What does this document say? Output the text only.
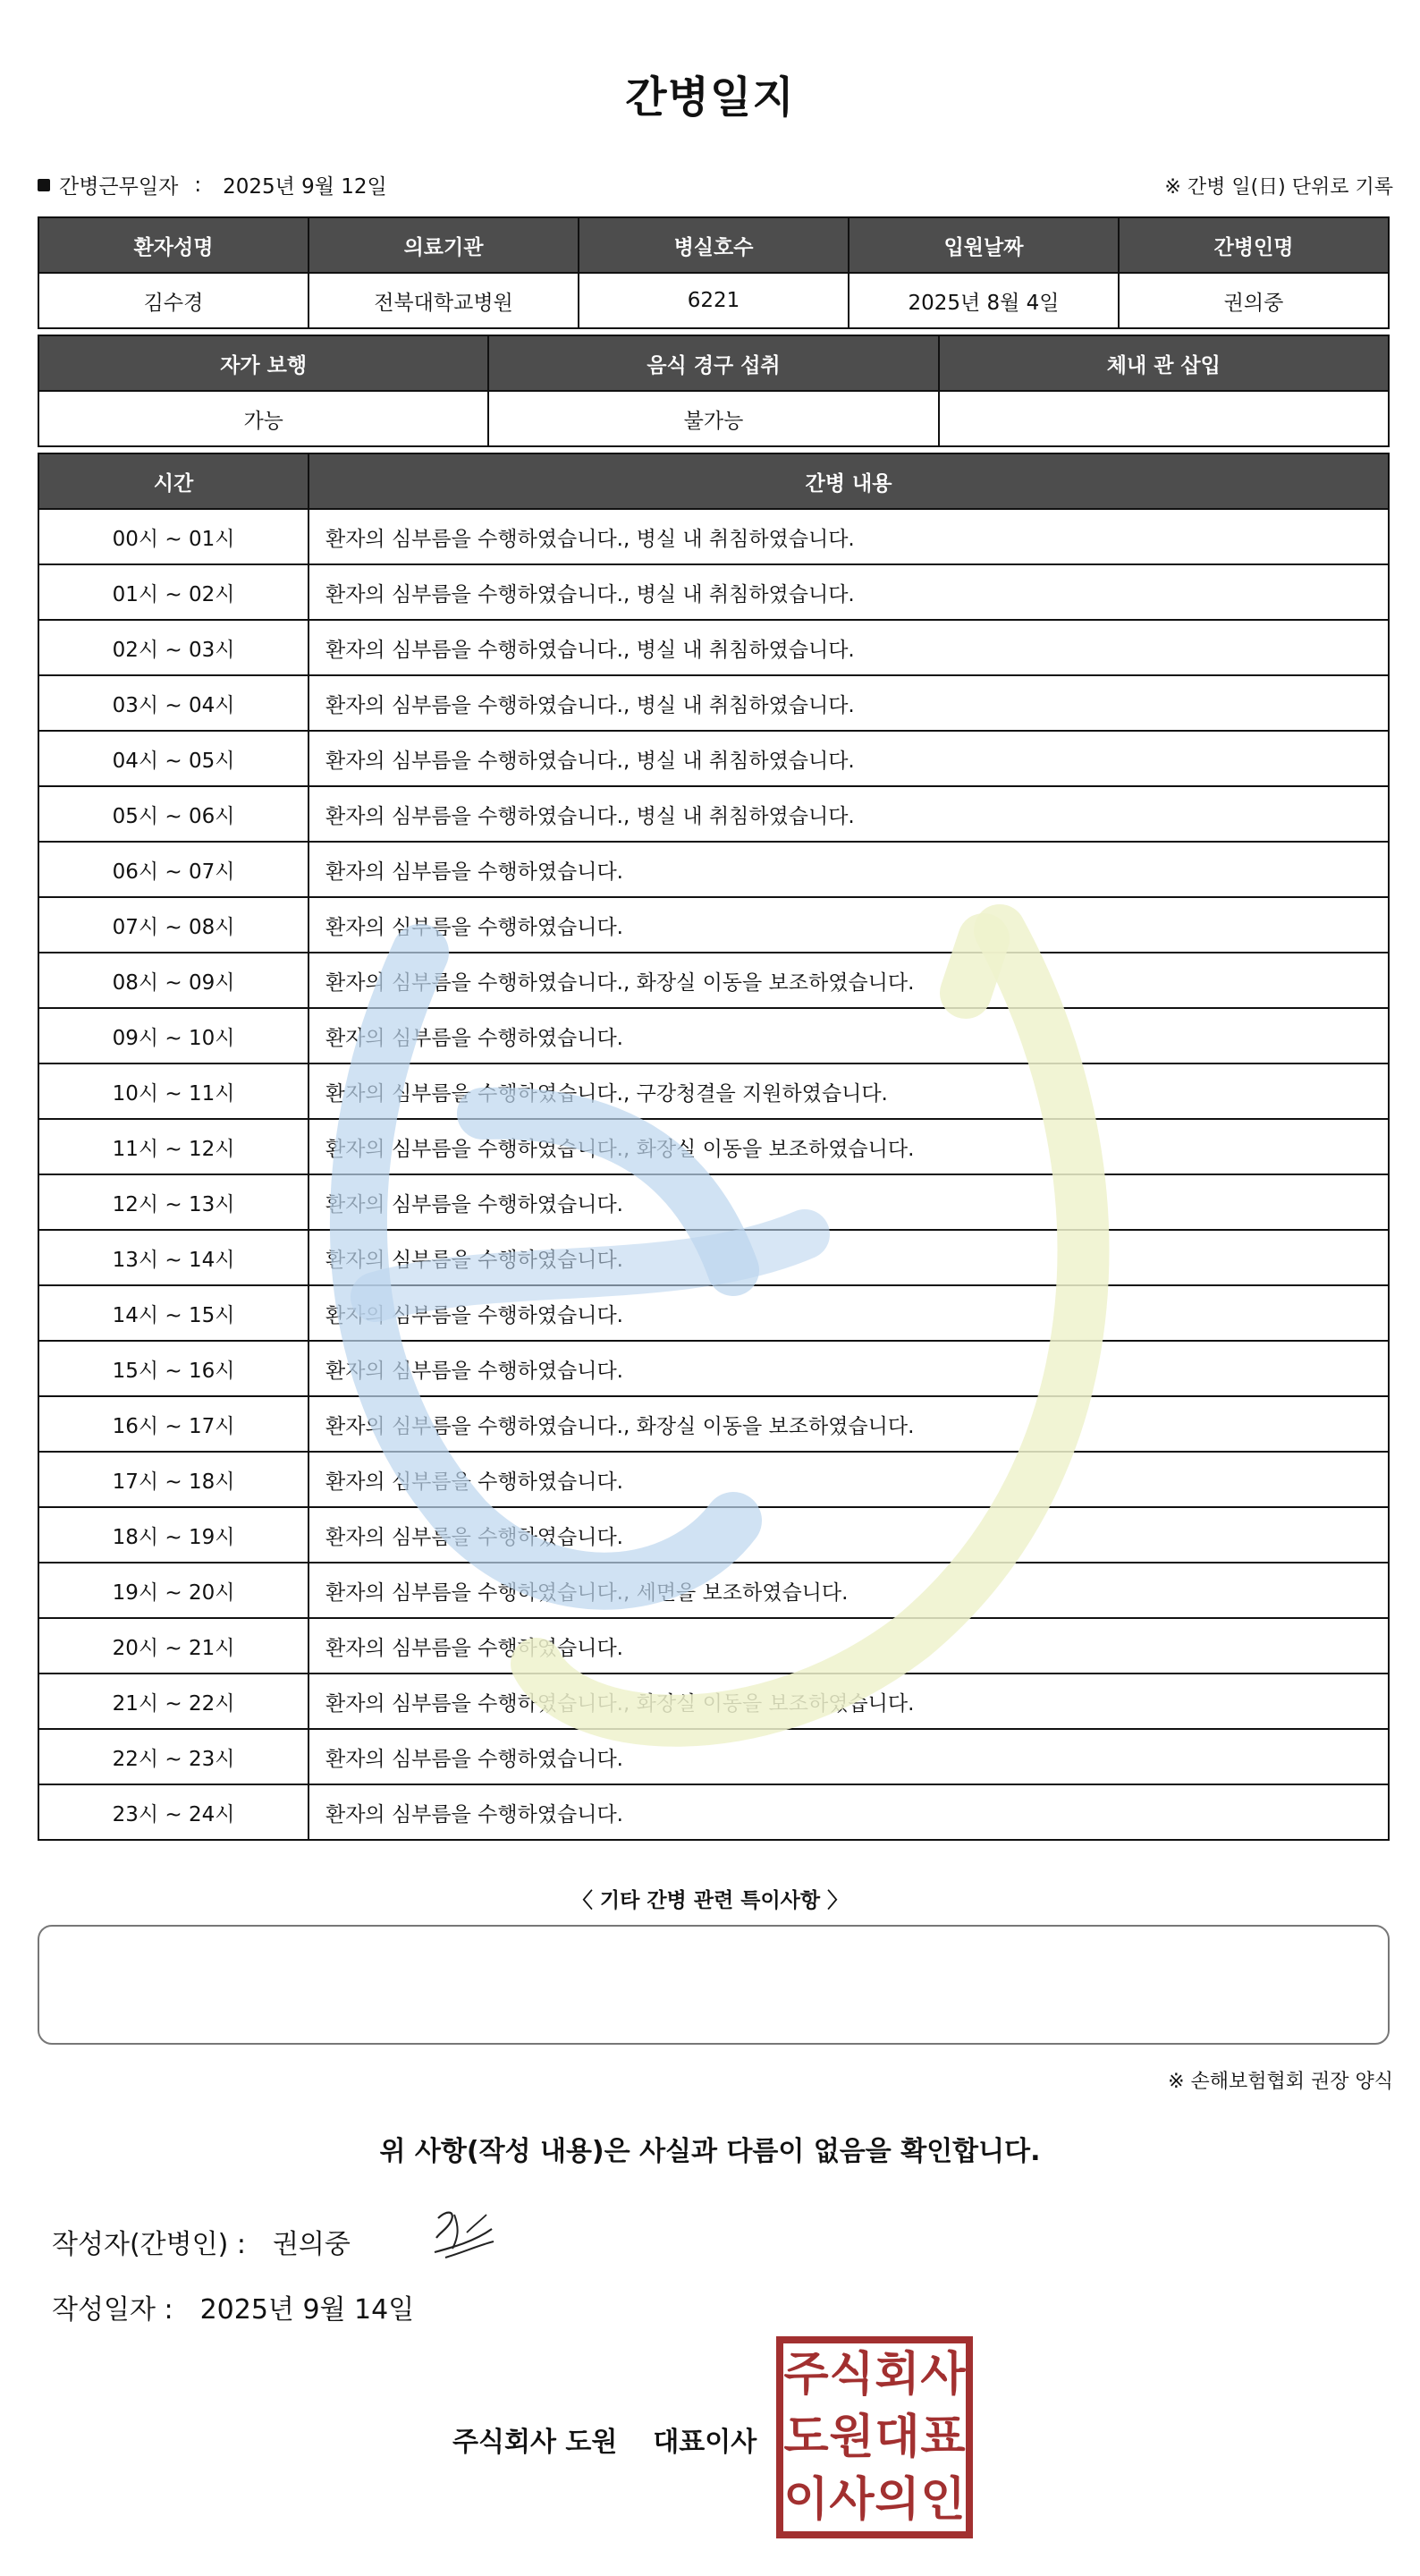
간병일지
간병근무일자 : 2025년 9월 12일	※ 간병 일(日) 단위로 기록
환자성명	의료기관	병실호수	입원날짜	간병인명
김수경	전북대학교병원	6221	2025년 8월 4일	권의중
자가 보행	음식 경구 섭취	체내 관 삽입
가능	불가능	
시간	간병 내용
00시 ~ 01시	환자의 심부름을 수행하였습니다., 병실 내 취침하였습니다.
01시 ~ 02시	환자의 심부름을 수행하였습니다., 병실 내 취침하였습니다.
02시 ~ 03시	환자의 심부름을 수행하였습니다., 병실 내 취침하였습니다.
03시 ~ 04시	환자의 심부름을 수행하였습니다., 병실 내 취침하였습니다.
04시 ~ 05시	환자의 심부름을 수행하였습니다., 병실 내 취침하였습니다.
05시 ~ 06시	환자의 심부름을 수행하였습니다., 병실 내 취침하였습니다.
06시 ~ 07시	환자의 심부름을 수행하였습니다.
07시 ~ 08시	환자의 심부름을 수행하였습니다.
08시 ~ 09시	환자의 심부름을 수행하였습니다., 화장실 이동을 보조하였습니다.
09시 ~ 10시	환자의 심부름을 수행하였습니다.
10시 ~ 11시	환자의 심부름을 수행하였습니다., 구강청결을 지원하였습니다.
11시 ~ 12시	환자의 심부름을 수행하였습니다., 화장실 이동을 보조하였습니다.
12시 ~ 13시	환자의 심부름을 수행하였습니다.
13시 ~ 14시	환자의 심부름을 수행하였습니다.
14시 ~ 15시	환자의 심부름을 수행하였습니다.
15시 ~ 16시	환자의 심부름을 수행하였습니다.
16시 ~ 17시	환자의 심부름을 수행하였습니다., 화장실 이동을 보조하였습니다.
17시 ~ 18시	환자의 심부름을 수행하였습니다.
18시 ~ 19시	환자의 심부름을 수행하였습니다.
19시 ~ 20시	환자의 심부름을 수행하였습니다., 세면을 보조하였습니다.
20시 ~ 21시	환자의 심부름을 수행하였습니다.
21시 ~ 22시	환자의 심부름을 수행하였습니다., 화장실 이동을 보조하였습니다.
22시 ~ 23시	환자의 심부름을 수행하였습니다.
23시 ~ 24시	환자의 심부름을 수행하였습니다.
〈 기타 간병 관련 특이사항 〉
※ 손해보험협회 권장 양식
위 사항(작성 내용)은 사실과 다름이 없음을 확인합니다.
작성자(간병인) : 권의중
작성일자 : 2025년 9월 14일
주식회사 도원 대표이사
주 식 회 사
도 원 대 표
이 사 의 인
